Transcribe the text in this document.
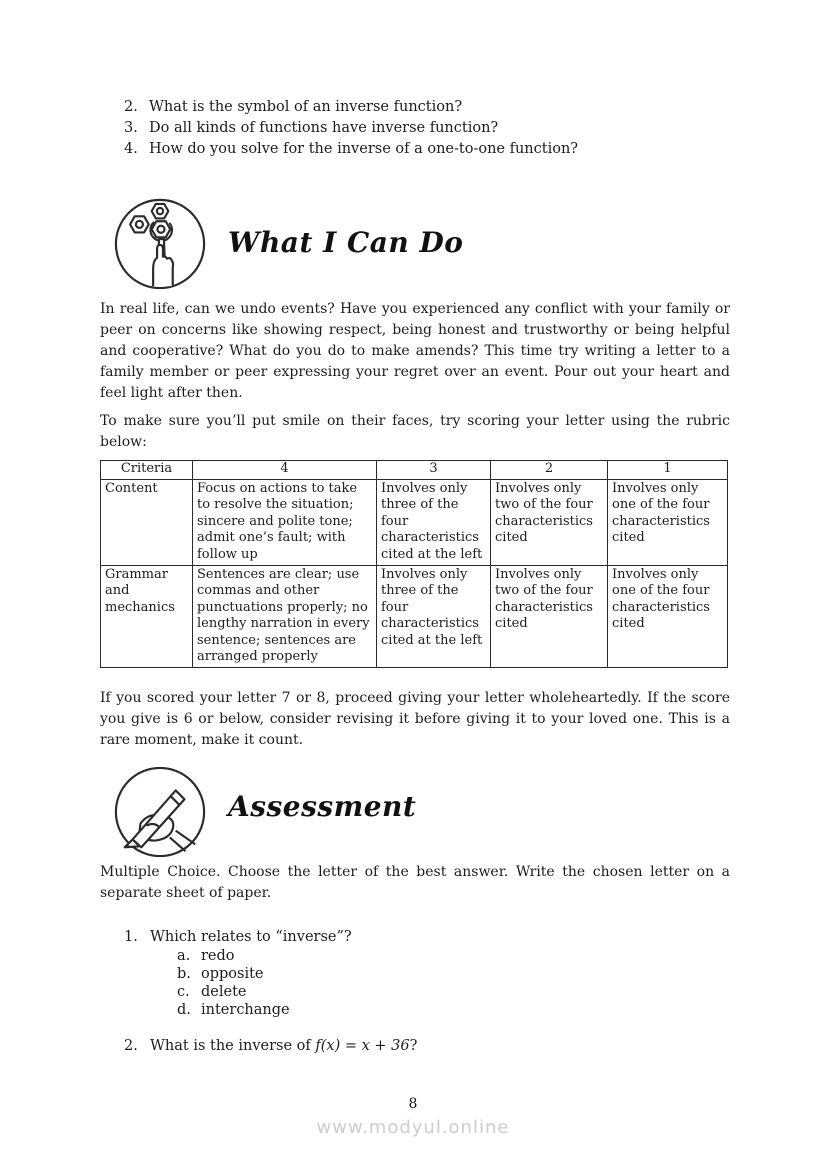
2. What is the symbol of an inverse function?
3. Do all kinds of functions have inverse function?
4. How do you solve for the inverse of a one-to-one function?
What I Can Do
In real life, can we undo events? Have you experienced any conflict with your family or peer on concerns like showing respect, being honest and trustworthy or being helpful and cooperative? What do you do to make amends? This time try writing a letter to a family member or peer expressing your regret over an event. Pour out your heart and feel light after then.
To make sure you’ll put smile on their faces, try scoring your letter using the rubric below:
Criteria	4	3	2	1
Content	Focus on actions to take to resolve the situation; sincere and polite tone; admit one’s fault; with follow up	Involves only three of the four characteristics cited at the left	Involves only two of the four characteristics cited	Involves only one of the four characteristics cited
Grammar and mechanics	Sentences are clear; use commas and other punctuations properly; no lengthy narration in every sentence; sentences are arranged properly	Involves only three of the four characteristics cited at the left	Involves only two of the four characteristics cited	Involves only one of the four characteristics cited
If you scored your letter 7 or 8, proceed giving your letter wholeheartedly. If the score you give is 6 or below, consider revising it before giving it to your loved one. This is a rare moment, make it count.
Assessment
Multiple Choice. Choose the letter of the best answer. Write the chosen letter on a separate sheet of paper.
1. Which relates to “inverse”?
a. redo
b. opposite
c. delete
d. interchange
2. What is the inverse of f(x) = x + 36?
8
www.modyul.online
